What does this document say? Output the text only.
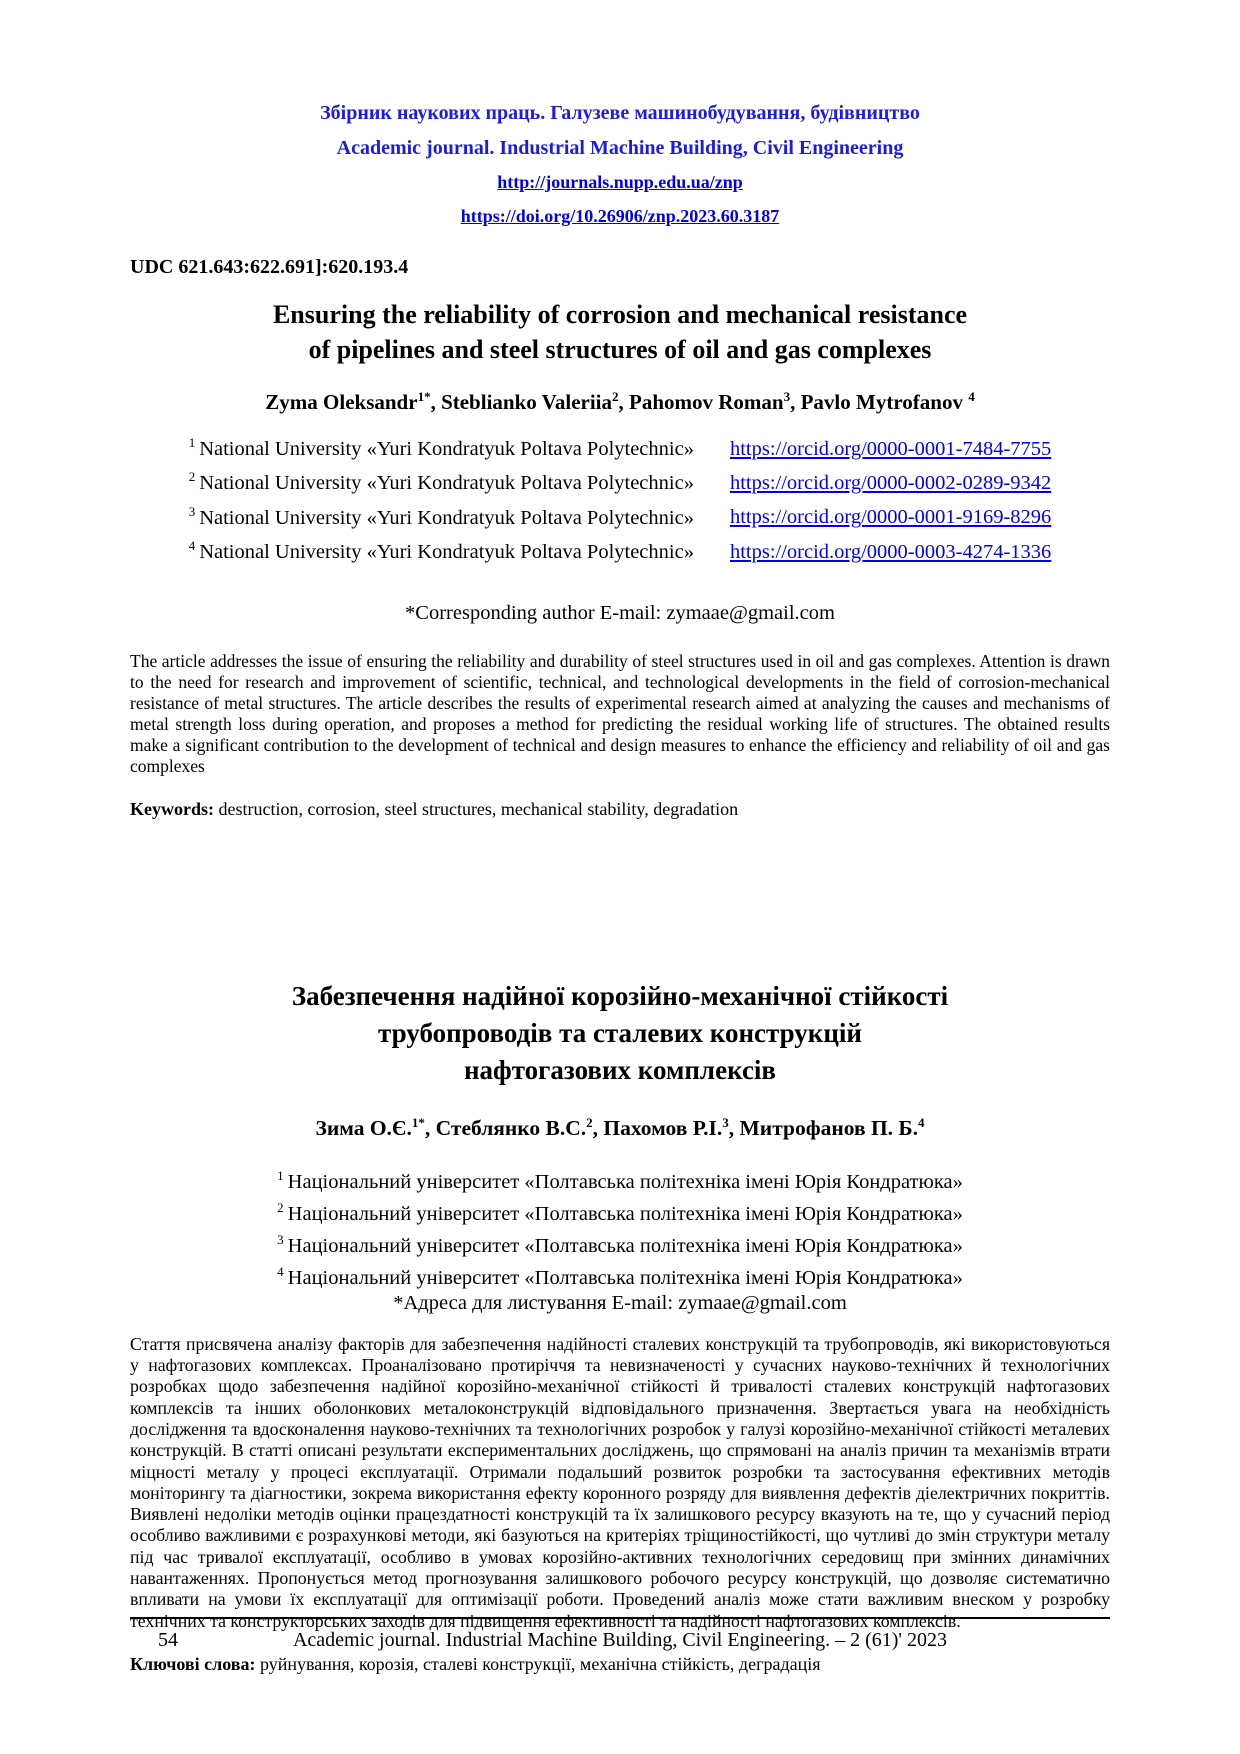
Збірник наукових праць. Галузеве машинобудування, будівництво
Academic journal. Industrial Machine Building, Civil Engineering
http://journals.nupp.edu.ua/znp
https://doi.org/10.26906/znp.2023.60.3187
UDC 621.643:622.691]:620.193.4
Ensuring the reliability of corrosion and mechanical resistance
of pipelines and steel structures of oil and gas complexes
Zyma Oleksandr$^{1*}$, Steblianko Valeriia$^2$, Pahomov Roman$^3$, Pavlo Mytrofanov $^4$
$^1$ National University «Yuri Kondratyuk Poltava Polytechnic» https://orcid.org/0000-0001-7484-7755
$^2$ National University «Yuri Kondratyuk Poltava Polytechnic» https://orcid.org/0000-0002-0289-9342
$^3$ National University «Yuri Kondratyuk Poltava Polytechnic» https://orcid.org/0000-0001-9169-8296
$^4$ National University «Yuri Kondratyuk Poltava Polytechnic» https://orcid.org/0000-0003-4274-1336
*Corresponding author E-mail: zymaae@gmail.com

The article addresses the issue of ensuring the reliability and durability of steel structures used in oil and gas complexes. Attention is drawn to the need for research and improvement of scientific, technical, and technological developments in the field of corrosion-mechanical resistance of metal structures. The article describes the results of experimental research aimed at analyzing the causes and mechanisms of metal strength loss during operation, and proposes a method for predicting the residual working life of structures. The obtained results make a significant contribution to the development of technical and design measures to enhance the efficiency and reliability of oil and gas complexes

Keywords: destruction, corrosion, steel structures, mechanical stability, degradation

Забезпечення надійної корозійно-механічної стійкості
трубопроводів та сталевих конструкцій
нафтогазових комплексів
Зима О.Є.$^{1*}$, Стеблянко В.С.$^2$, Пахомов Р.І.$^3$, Митрофанов П. Б.$^4$
$^1$ Національний університет «Полтавська політехніка імені Юрія Кондратюка»
$^2$ Національний університет «Полтавська політехніка імені Юрія Кондратюка»
$^3$ Національний університет «Полтавська політехніка імені Юрія Кондратюка»
$^4$ Національний університет «Полтавська політехніка імені Юрія Кондратюка»
*Адреса для листування E-mail: zymaae@gmail.com

Стаття присвячена аналізу факторів для забезпечення надійності сталевих конструкцій та трубопроводів, які використовуються у нафтогазових комплексах. Проаналізовано протиріччя та невизначеності у сучасних науково-технічних й технологічних розробках щодо забезпечення надійної корозійно-механічної стійкості й тривалості сталевих конструкцій нафтогазових комплексів та інших оболонкових металоконструкцій відповідального призначення. Звертається увага на необхідність дослідження та вдосконалення науково-технічних та технологічних розробок у галузі корозійно-механічної стійкості металевих конструкцій. В статті описані результати експериментальних досліджень, що спрямовані на аналіз причин та механізмів втрати міцності металу у процесі експлуатації. Отримали подальший розвиток розробки та застосування ефективних методів моніторингу та діагностики, зокрема використання ефекту коронного розряду для виявлення дефектів діелектричних покриттів. Виявлені недоліки методів оцінки працездатності конструкцій та їх залишкового ресурсу вказують на те, що у сучасний період особливо важливими є розрахункові методи, які базуються на критеріях тріщиностійкості, що чутливі до змін структури металу під час тривалої експлуатації, особливо в умовах корозійно-активних технологічних середовищ при змінних динамічних навантаженнях. Пропонується метод прогнозування залишкового робочого ресурсу конструкцій, що дозволяє систематично впливати на умови їх експлуатації для оптимізації роботи. Проведений аналіз може стати важливим внеском у розробку технічних та конструкторських заходів для підвищення ефективності та надійності нафтогазових комплексів.

Ключові слова: руйнування, корозія, сталеві конструкції, механічна стійкість, деградація

54	Academic journal. Industrial Machine Building, Civil Engineering. – 2 (61)' 2023
